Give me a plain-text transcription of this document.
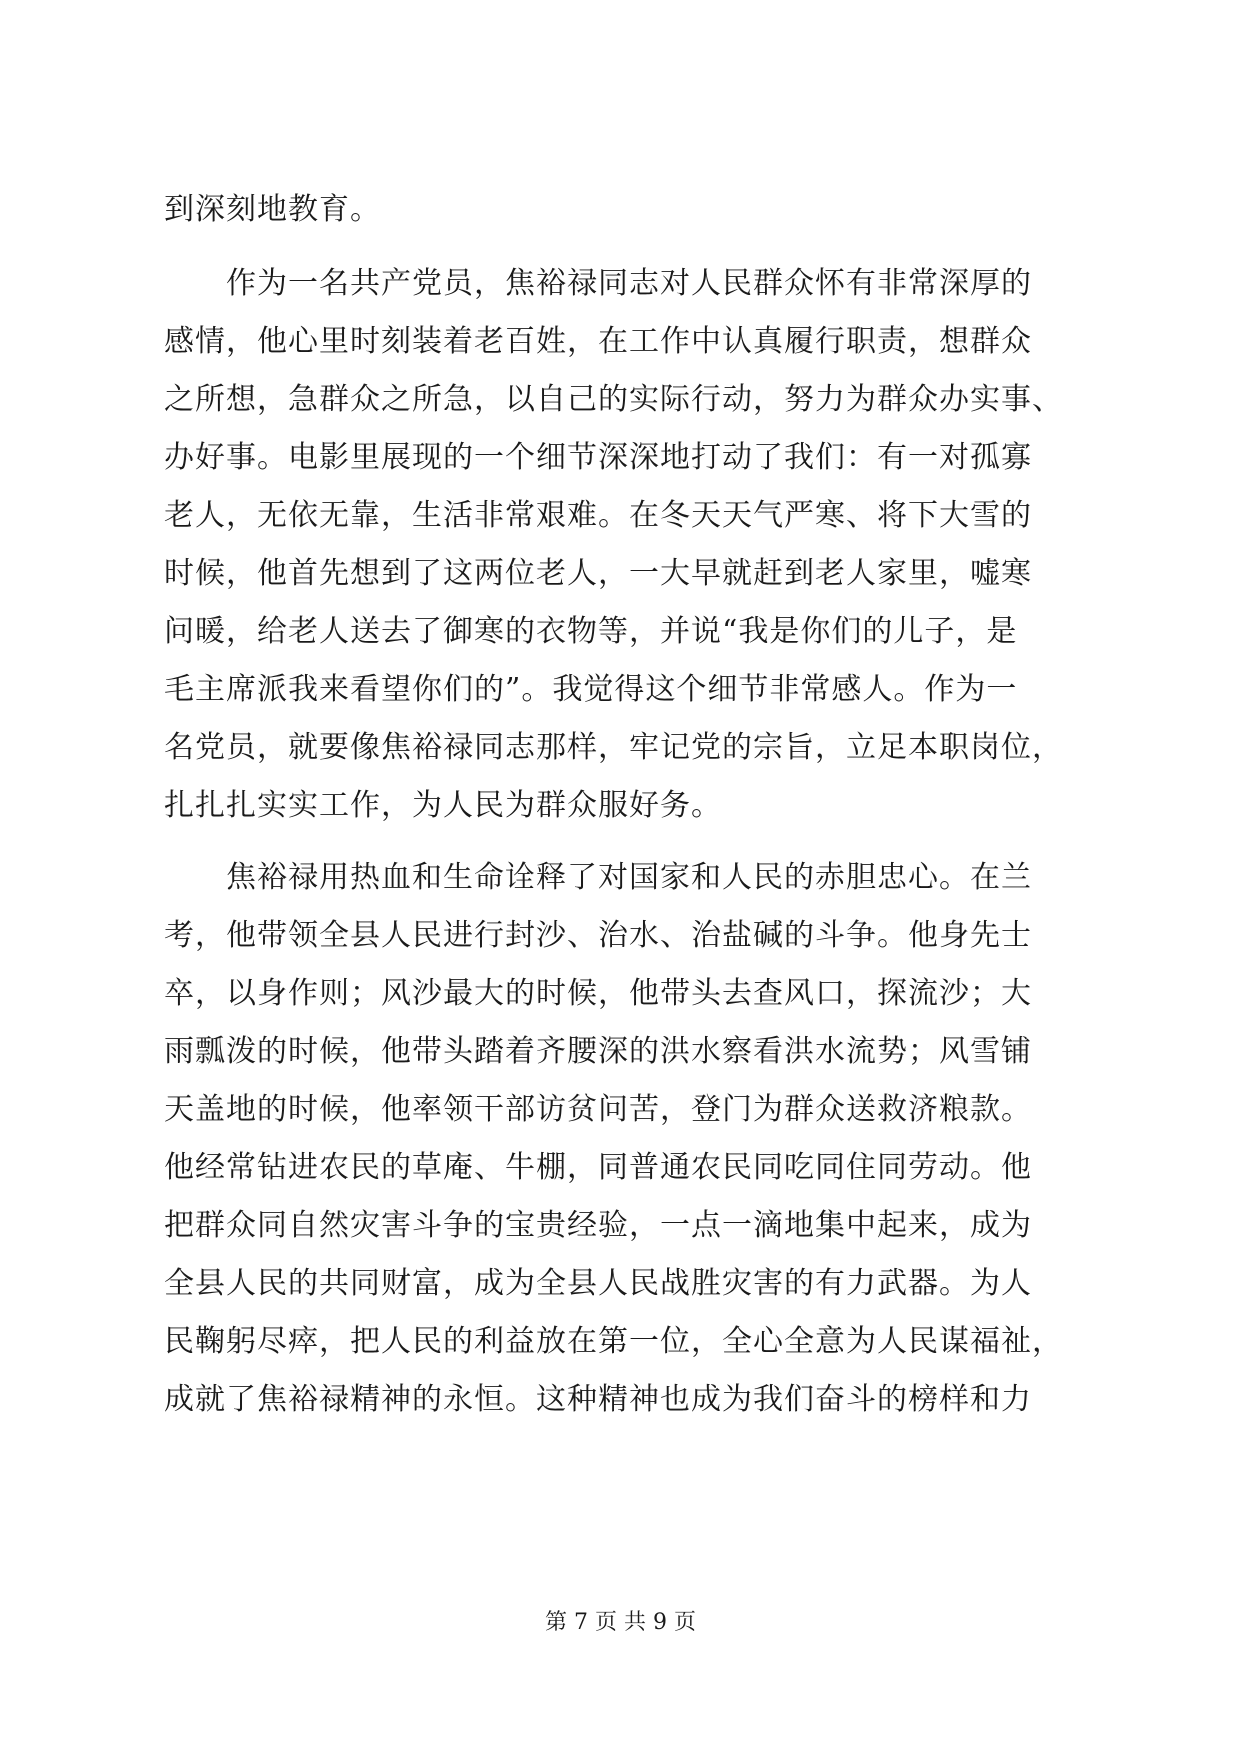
到深刻地教育。
　　作为一名共产党员，焦裕禄同志对人民群众怀有非常深厚的
感情，他心里时刻装着老百姓，在工作中认真履行职责，想群众
之所想，急群众之所急，以自己的实际行动，努力为群众办实事、
办好事。电影里展现的一个细节深深地打动了我们：有一对孤寡
老人，无依无靠，生活非常艰难。在冬天天气严寒、将下大雪的
时候，他首先想到了这两位老人，一大早就赶到老人家里，嘘寒
问暖，给老人送去了御寒的衣物等，并说“我是你们的儿子，是
毛主席派我来看望你们的”。我觉得这个细节非常感人。作为一
名党员，就要像焦裕禄同志那样，牢记党的宗旨，立足本职岗位，
扎扎扎实实工作，为人民为群众服好务。
　　焦裕禄用热血和生命诠释了对国家和人民的赤胆忠心。在兰
考，他带领全县人民进行封沙、治水、治盐碱的斗争。他身先士
卒，以身作则；风沙最大的时候，他带头去查风口，探流沙；大
雨瓢泼的时候，他带头踏着齐腰深的洪水察看洪水流势；风雪铺
天盖地的时候，他率领干部访贫问苦，登门为群众送救济粮款。
他经常钻进农民的草庵、牛棚，同普通农民同吃同住同劳动。他
把群众同自然灾害斗争的宝贵经验，一点一滴地集中起来，成为
全县人民的共同财富，成为全县人民战胜灾害的有力武器。为人
民鞠躬尽瘁，把人民的利益放在第一位，全心全意为人民谋福祉，
成就了焦裕禄精神的永恒。这种精神也成为我们奋斗的榜样和力
第 7 页 共 9 页
